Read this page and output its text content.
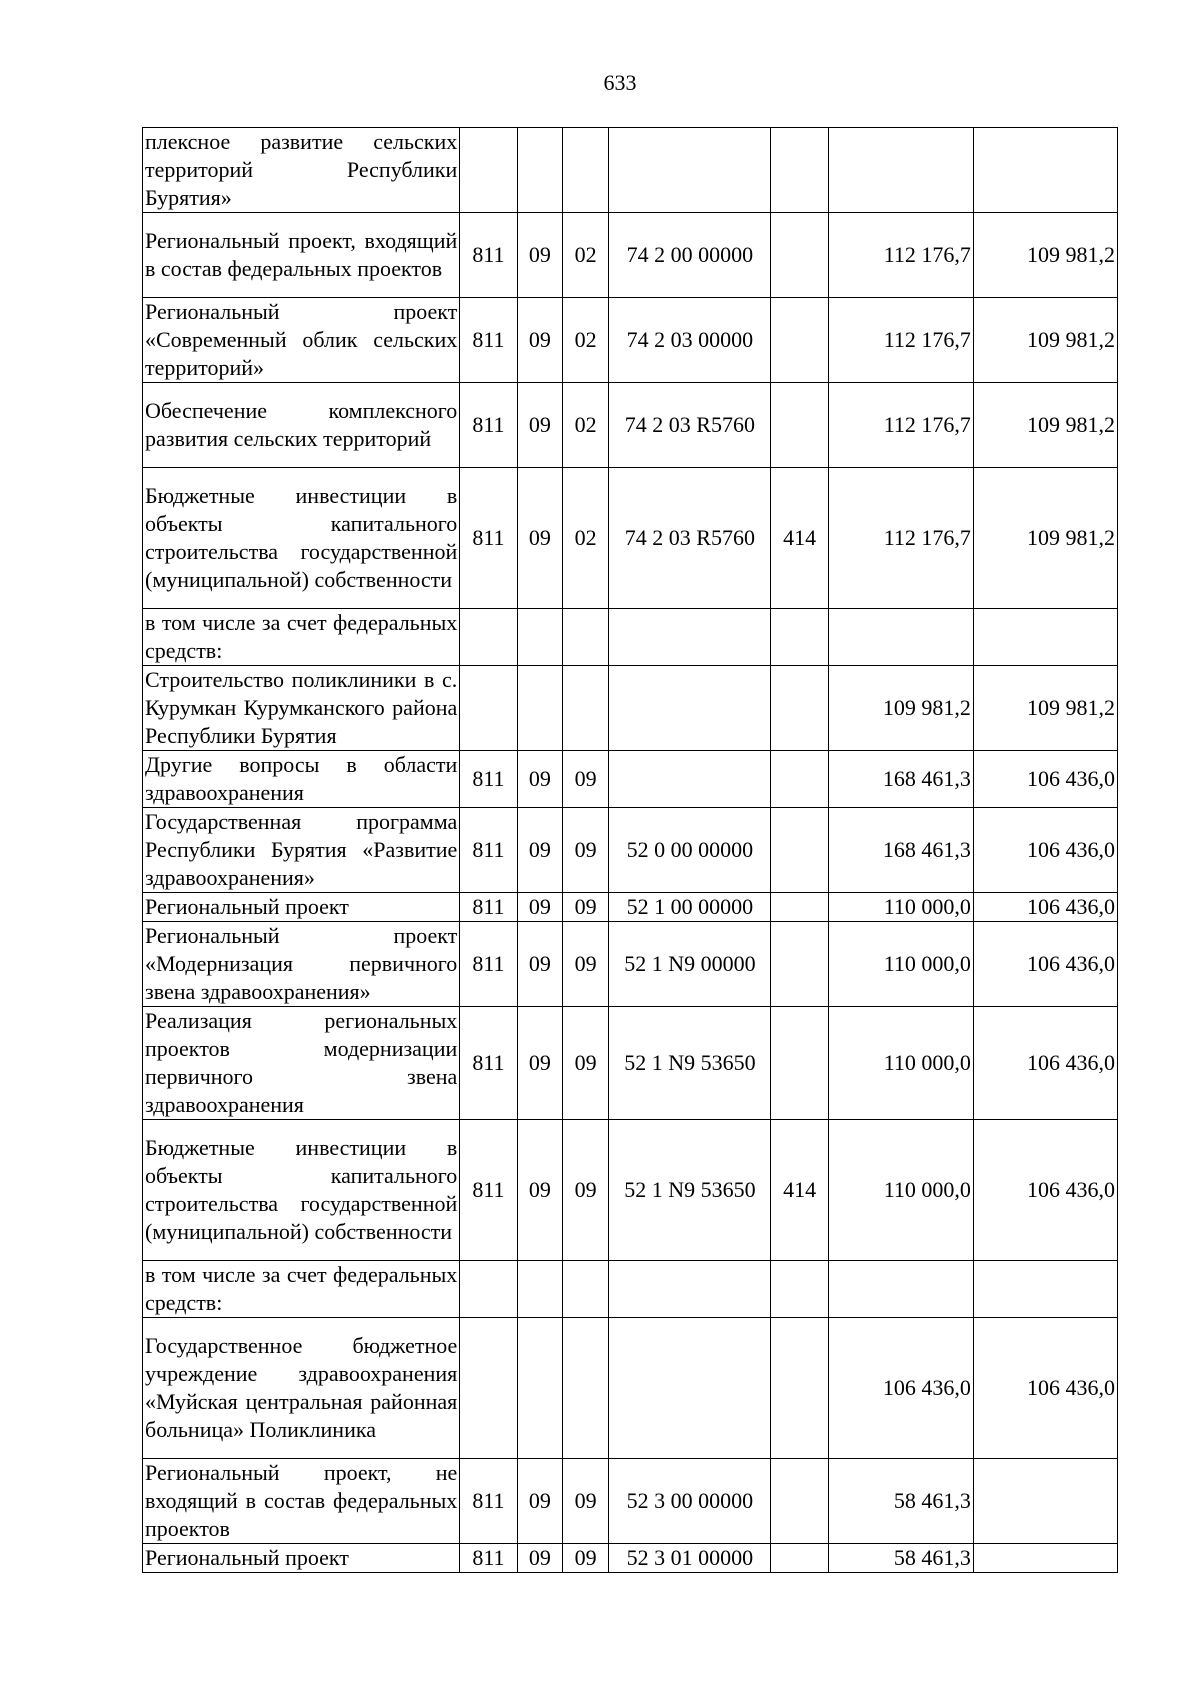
633
плексное развитие сельских территорий Республики Бурятия»							
Региональный проект, входящий в состав федеральных проектов	811	09	02	74 2 00 00000		112 176,7	109 981,2
Региональный проект «Современный облик сельских территорий»	811	09	02	74 2 03 00000		112 176,7	109 981,2
Обеспечение комплексного развития сельских территорий	811	09	02	74 2 03 R5760		112 176,7	109 981,2
Бюджетные инвестиции в объекты капитального строительства государственной (муниципальной) собственности	811	09	02	74 2 03 R5760	414	112 176,7	109 981,2
в том числе за счет федеральных средств:							
Строительство поликлиники в с. Курумкан Курумканского района Республики Бурятия						109 981,2	109 981,2
Другие вопросы в области здравоохранения	811	09	09			168 461,3	106 436,0
Государственная программа Республики Бурятия «Развитие здравоохранения»	811	09	09	52 0 00 00000		168 461,3	106 436,0
Региональный проект	811	09	09	52 1 00 00000		110 000,0	106 436,0
Региональный проект «Модернизация первичного звена здравоохранения»	811	09	09	52 1 N9 00000		110 000,0	106 436,0
Реализация региональных проектов модернизации первичного звена здравоохранения	811	09	09	52 1 N9 53650		110 000,0	106 436,0
Бюджетные инвестиции в объекты капитального строительства государственной (муниципальной) собственности	811	09	09	52 1 N9 53650	414	110 000,0	106 436,0
в том числе за счет федеральных средств:							
Государственное бюджетное учреждение здравоохранения «Муйская центральная районная больница» Поликлиника						106 436,0	106 436,0
Региональный проект, не входящий в состав федеральных проектов	811	09	09	52 3 00 00000		58 461,3	
Региональный проект	811	09	09	52 3 01 00000		58 461,3	
